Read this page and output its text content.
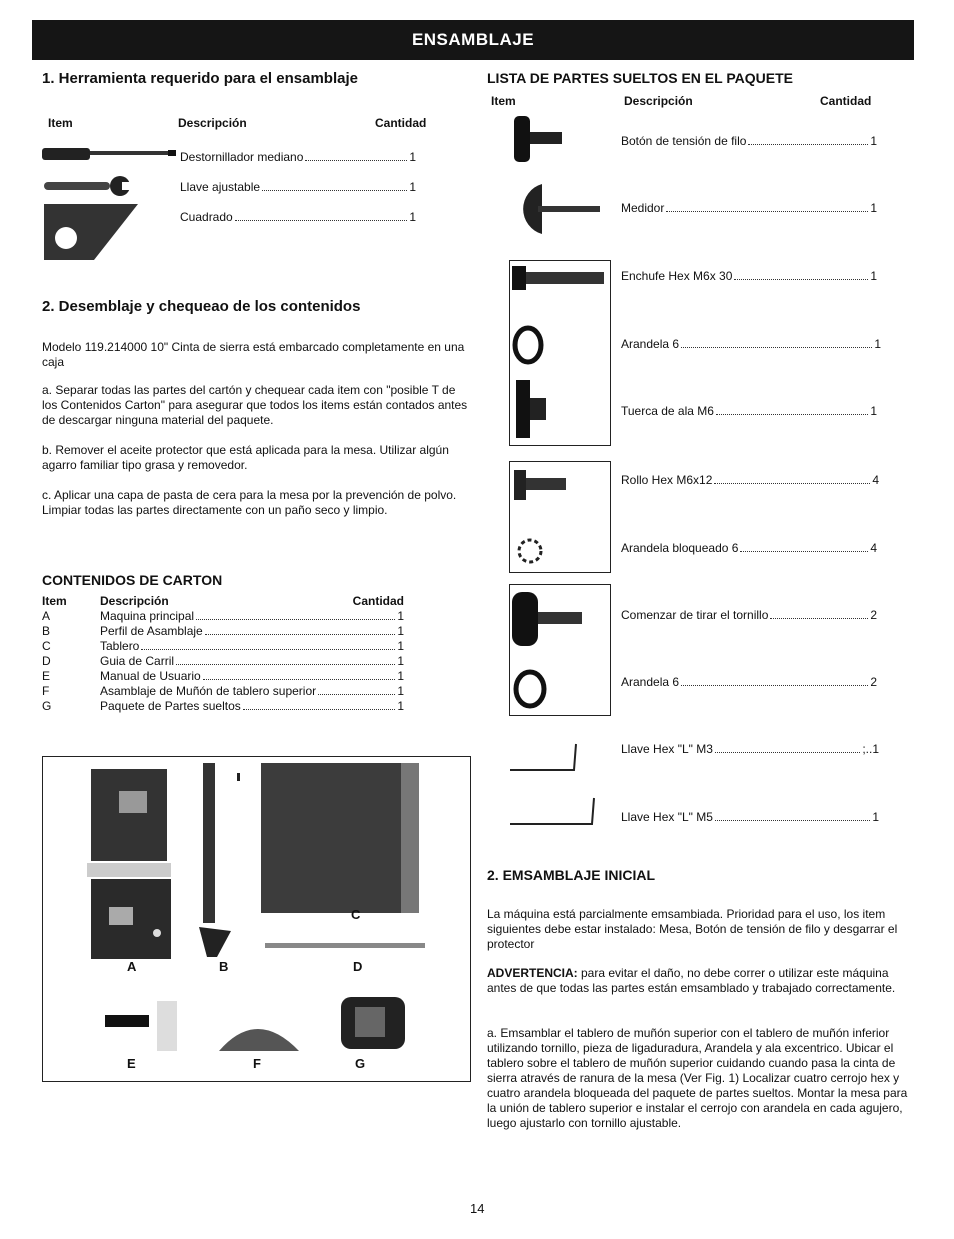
ENSAMBLAJE
1. Herramienta requerido para el ensamblaje
Item	Descripción	Cantidad
Destornillador mediano	1
Llave ajustable	1
Cuadrado	1
2. Desemblaje y chequeao de los contenidos
Modelo 119.214000 10" Cinta de sierra está embarcado completamente en una caja
a. Separar todas las partes del cartón y chequear cada item con "posible T de los Contenidos Carton" para asegurar que todos los items están contados antes de descargar ninguna material del paquete.
b. Remover el aceite protector que está aplicada para la mesa. Utilizar algún agarro familiar tipo grasa y removedor.
c. Aplicar una capa de pasta de cera para la mesa por la prevención de polvo. Limpiar todas las partes directamente con un paño seco y limpio.
CONTENIDOS DE CARTON
Item	Descripción	Cantidad
A	Maquina principal	1
B	Perfil de Asamblaje	1
C	Tablero	1
D	Guia de Carril	1
E	Manual de Usuario	1
F	Asamblaje de Muñón de tablero superior	1
G	Paquete de Partes sueltos	1
A	B
C
D
E	F	G
LISTA DE PARTES SUELTOS EN EL PAQUETE
Item	Descripción	Cantidad
Botón de tensión de filo	1
Medidor	1
Enchufe Hex M6x 30	1
Arandela 6	1
Tuerca de ala M6	1
Rollo Hex M6x12	4
Arandela bloqueado 6	4
Comenzar de tirar el tornillo	2
Arandela 6	2
Llave Hex "L" M3	;..1
Llave Hex "L" M5	1
2. EMSAMBLAJE INICIAL
La máquina está parcialmente emsambiada. Prioridad para el uso, los item siguientes debe estar instalado: Mesa, Botón de tensión de filo y desgarrar el protector
ADVERTENCIA: para evitar el daño, no debe correr o utilizar este máquina antes de que todas las partes están emsamblado y trabajado correctamente.
a. Emsamblar el tablero de muñón superior con el tablero de muñón inferior utilizando tornillo, pieza de ligaduradura, Arandela y ala excentrico. Ubicar el tablero sobre el tablero de muñón superior cuidando cuando pasa la cinta de sierra através de ranura de la mesa (Ver Fig. 1) Localizar cuatro cerrojo hex y cuatro arandela bloqueada del paquete de partes sueltos. Montar la mesa para la unión de tablero superior e instalar el cerrojo con arandela en cada agujero, luego ajustarlo con tornillo ajustable.
14
